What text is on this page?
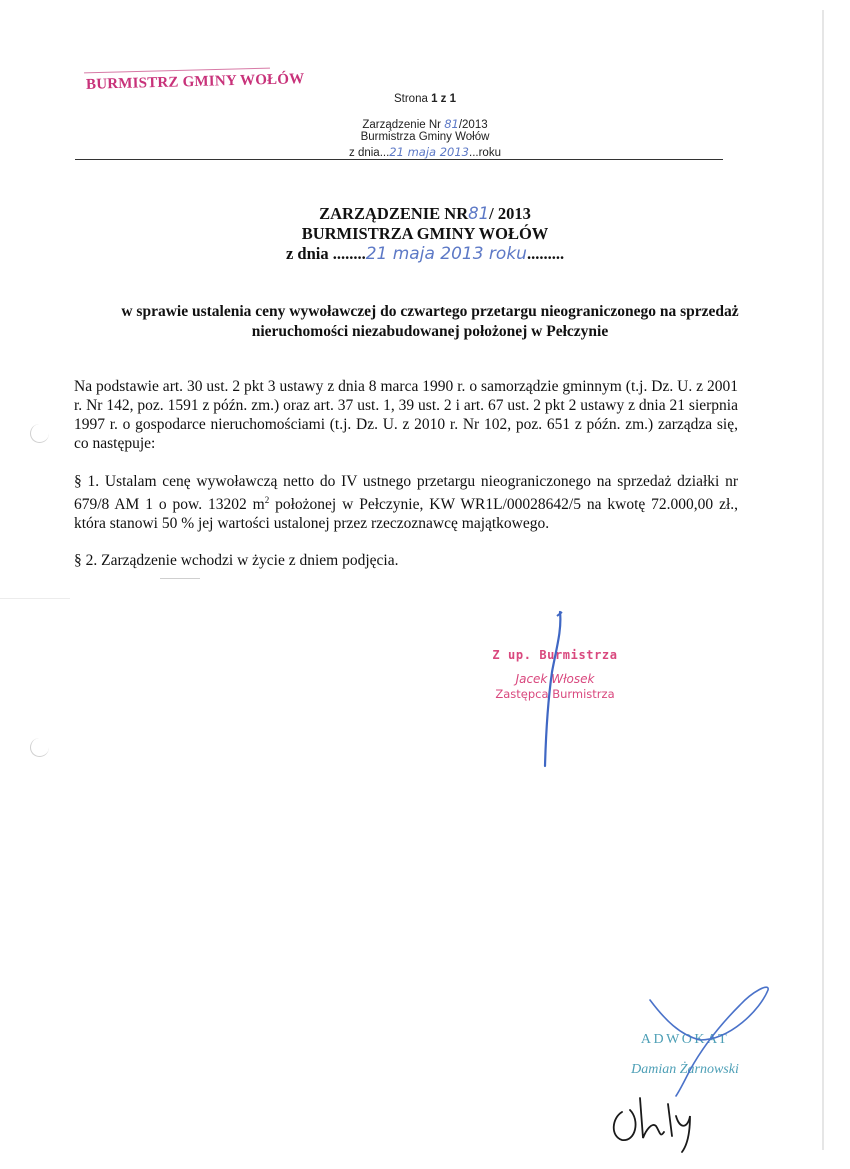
BURMISTRZ GMINY WOŁÓW
Strona 1 z 1
Zarządzenie Nr 81/2013
Burmistrza Gminy Wołów
z dnia...21 maja 2013...roku
ZARZĄDZENIE NR81/ 2013
BURMISTRZA GMINY WOŁÓW
z dnia ........21 maja 2013 roku.........
w sprawie ustalenia ceny wywoławczej do czwartego przetargu nieograniczonego na sprzedaż nieruchomości niezabudowanej położonej w Pełczynie
Na podstawie art. 30 ust. 2 pkt 3 ustawy z dnia 8 marca 1990 r. o samorządzie gminnym (t.j. Dz. U. z 2001 r. Nr 142, poz. 1591 z późn. zm.) oraz art. 37 ust. 1, 39 ust. 2 i art. 67 ust. 2 pkt 2 ustawy z dnia 21 sierpnia 1997 r. o gospodarce nieruchomościami (t.j. Dz. U. z 2010 r. Nr 102, poz. 651 z późn. zm.) zarządza się, co następuje:
§ 1. Ustalam cenę wywoławczą netto do IV ustnego przetargu nieograniczonego na sprzedaż działki nr 679/8 AM 1 o pow. 13202 $m^2$ położonej w Pełczynie, KW WR1L/00028642/5 na kwotę 72.000,00 zł., która stanowi 50 % jej wartości ustalonej przez rzeczoznawcę majątkowego.
§ 2. Zarządzenie wchodzi w życie z dniem podjęcia.
Z up. Burmistrza
Jacek Włosek
Zastępca Burmistrza
ADWOKAT
Damian Żarnowski
